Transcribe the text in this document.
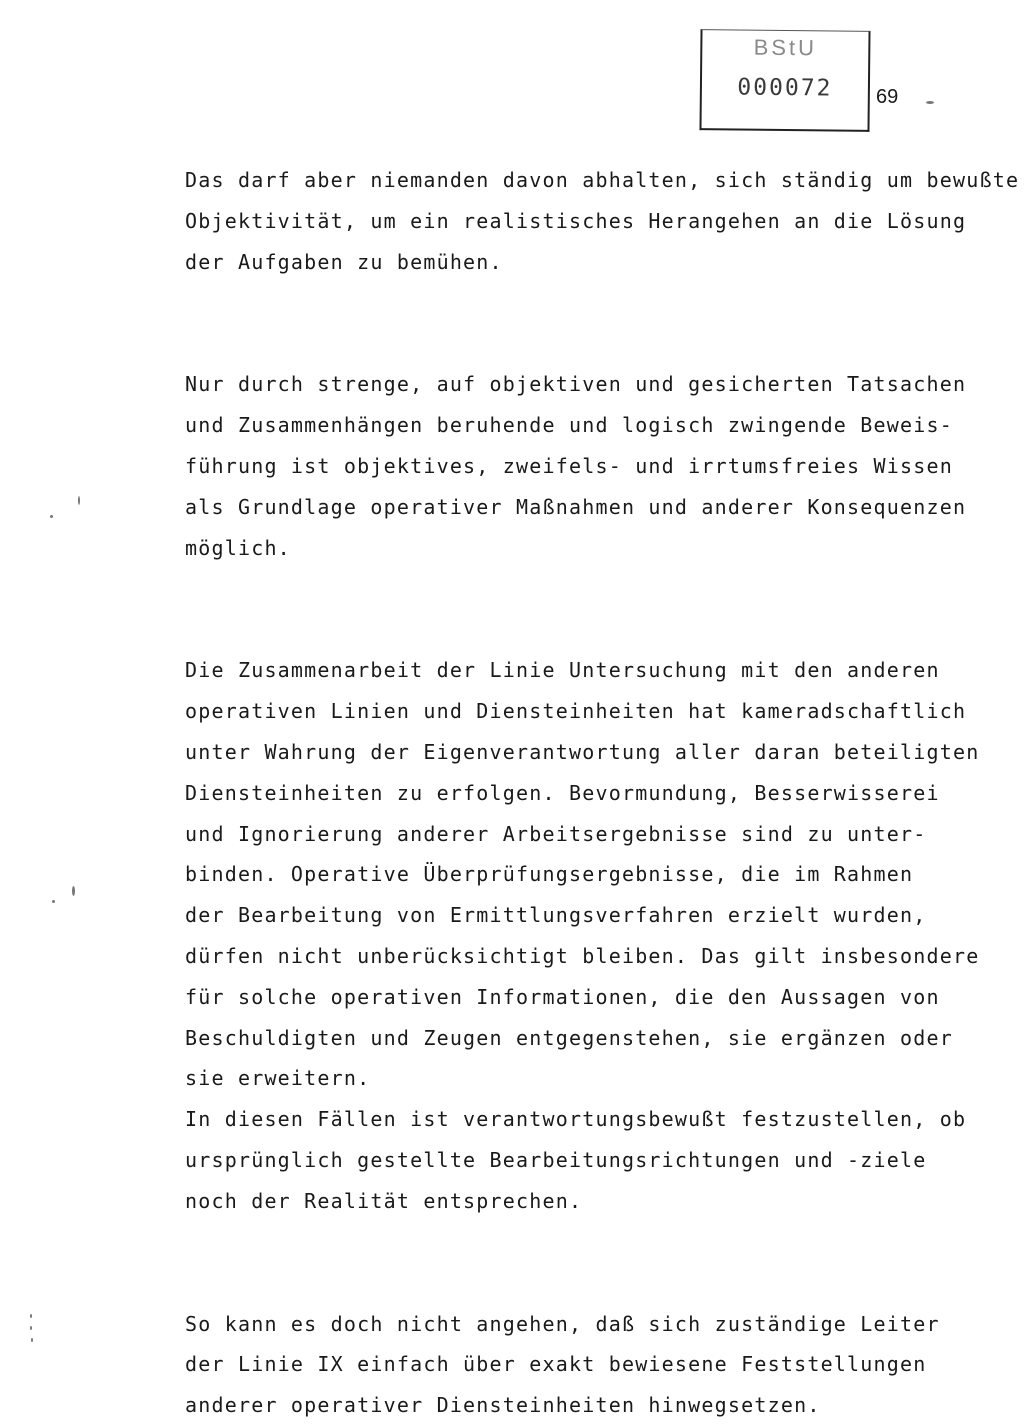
BStU
000072	69

Das darf aber niemanden davon abhalten, sich ständig um bewußte
Objektivität, um ein realistisches Herangehen an die Lösung
der Aufgaben zu bemühen.

Nur durch strenge, auf objektiven und gesicherten Tatsachen
und Zusammenhängen beruhende und logisch zwingende Beweis-
führung ist objektives, zweifels- und irrtumsfreies Wissen
als Grundlage operativer Maßnahmen und anderer Konsequenzen
möglich.

Die Zusammenarbeit der Linie Untersuchung mit den anderen
operativen Linien und Diensteinheiten hat kameradschaftlich
unter Wahrung der Eigenverantwortung aller daran beteiligten
Diensteinheiten zu erfolgen. Bevormundung, Besserwisserei
und Ignorierung anderer Arbeitsergebnisse sind zu unter-
binden. Operative Überprüfungsergebnisse, die im Rahmen
der Bearbeitung von Ermittlungsverfahren erzielt wurden,
dürfen nicht unberücksichtigt bleiben. Das gilt insbesondere
für solche operativen Informationen, die den Aussagen von
Beschuldigten und Zeugen entgegenstehen, sie ergänzen oder
sie erweitern.

In diesen Fällen ist verantwortungsbewußt festzustellen, ob
ursprünglich gestellte Bearbeitungsrichtungen und -ziele
noch der Realität entsprechen.

So kann es doch nicht angehen, daß sich zuständige Leiter
der Linie IX einfach über exakt bewiesene Feststellungen
anderer operativer Diensteinheiten hinwegsetzen.
